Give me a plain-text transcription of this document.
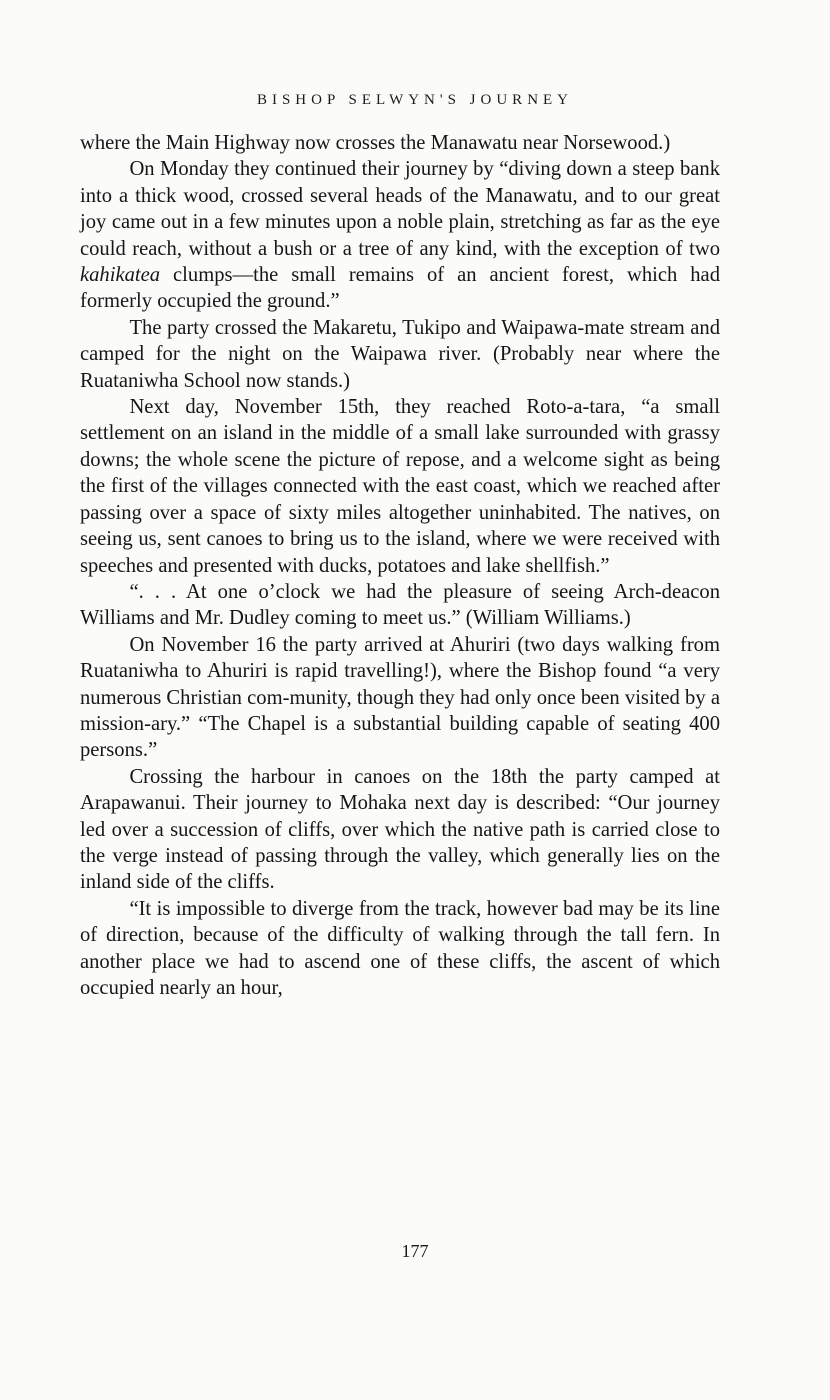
BISHOP SELWYN'S JOURNEY

where the Main Highway now crosses the Manawatu near Norsewood.)

On Monday they continued their journey by “diving down a steep bank into a thick wood, crossed several heads of the Manawatu, and to our great joy came out in a few minutes upon a noble plain, stretching as far as the eye could reach, without a bush or a tree of any kind, with the exception of two kahikatea clumps—the small remains of an ancient forest, which had formerly occupied the ground.”

The party crossed the Makaretu, Tukipo and Waipawa-mate stream and camped for the night on the Waipawa river. (Probably near where the Ruataniwha School now stands.)

Next day, November 15th, they reached Roto-a-tara, “a small settlement on an island in the middle of a small lake surrounded with grassy downs; the whole scene the picture of repose, and a welcome sight as being the first of the villages connected with the east coast, which we reached after passing over a space of sixty miles altogether uninhabited. The natives, on seeing us, sent canoes to bring us to the island, where we were received with speeches and presented with ducks, potatoes and lake shellfish.”

“. . . At one o’clock we had the pleasure of seeing Arch-deacon Williams and Mr. Dudley coming to meet us.” (William Williams.)

On November 16 the party arrived at Ahuriri (two days walking from Ruataniwha to Ahuriri is rapid travelling!), where the Bishop found “a very numerous Christian com-munity, though they had only once been visited by a mission-ary.” “The Chapel is a substantial building capable of seating 400 persons.”

Crossing the harbour in canoes on the 18th the party camped at Arapawanui. Their journey to Mohaka next day is described: “Our journey led over a succession of cliffs, over which the native path is carried close to the verge instead of passing through the valley, which generally lies on the inland side of the cliffs.

“It is impossible to diverge from the track, however bad may be its line of direction, because of the difficulty of walking through the tall fern. In another place we had to ascend one of these cliffs, the ascent of which occupied nearly an hour,

177
